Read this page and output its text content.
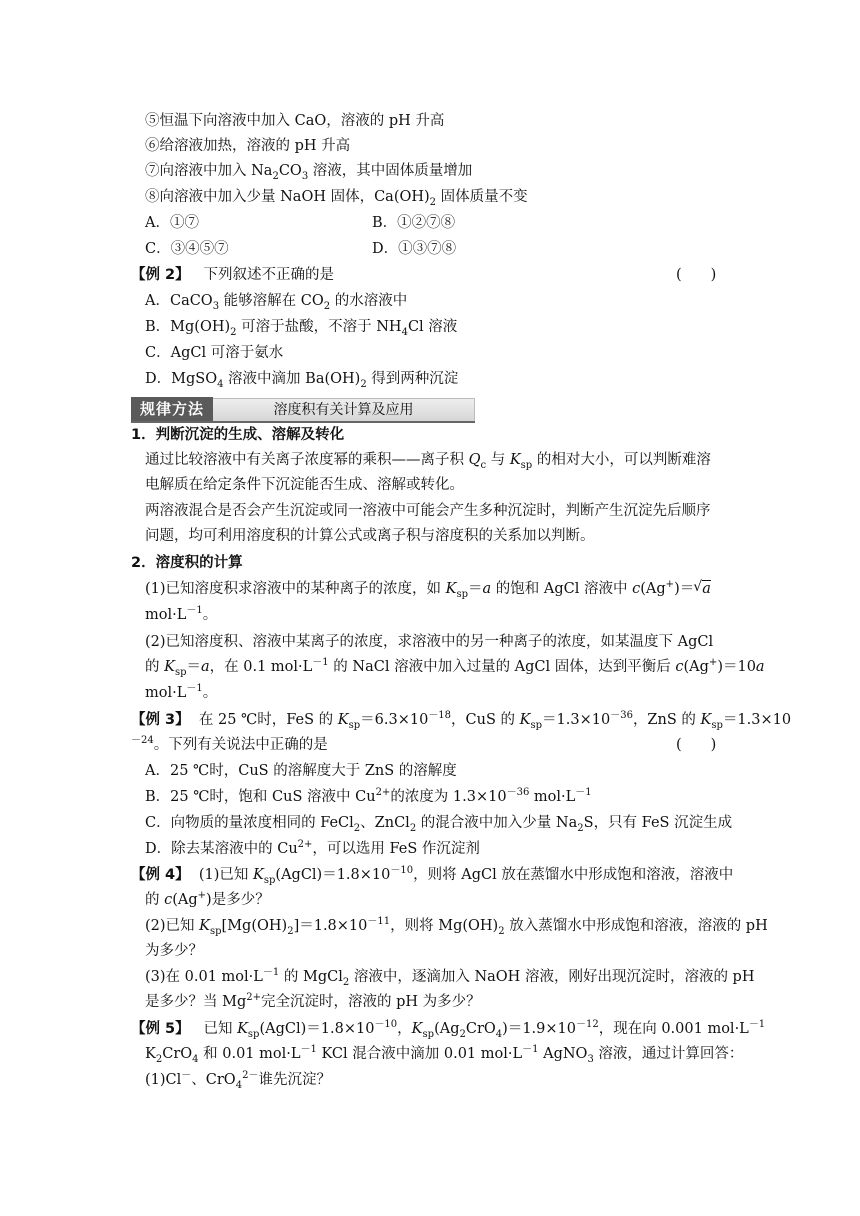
⑤恒温下向溶液中加入 CaO，溶液的 pH 升高
⑥给溶液加热，溶液的 pH 升高
⑦向溶液中加入 $Na_2CO_3$ 溶液，其中固体质量增加
⑧向溶液中加入少量 NaOH 固体，$Ca(OH)_2$ 固体质量不变
A．①⑦	B．①②⑦⑧
C．③④⑤⑦	D．①③⑦⑧
【例 2】 下列叙述不正确的是	(　　)
A．CaCO$_3$ 能够溶解在 $CO_2$ 的水溶液中
B．$Mg(OH)_2$ 可溶于盐酸，不溶于 $NH_4Cl$ 溶液
C．AgCl 可溶于氨水
D．MgSO$_4$ 溶液中滴加 $Ba(OH)_2$ 得到两种沉淀
规律方法	溶度积有关计算及应用
1．判断沉淀的生成、溶解及转化
通过比较溶液中有关离子浓度幂的乘积——离子积 $Q_c$ 与 $K_{sp}$ 的相对大小，可以判断难溶
电解质在给定条件下沉淀能否生成、溶解或转化。
两溶液混合是否会产生沉淀或同一溶液中可能会产生多种沉淀时，判断产生沉淀先后顺序
问题，均可利用溶度积的计算公式或离子积与溶度积的关系加以判断。
2．溶度积的计算
(1)已知溶度积求溶液中的某种离子的浓度，如 $K_{sp}=a$ 的饱和 AgCl 溶液中 c(Ag+)＝√ a
$mol\cdot L^{-1}$。
(2)已知溶度积、溶液中某离子的浓度，求溶液中的另一种离子的浓度，如某温度下 AgCl
的 $K_{sp}=a$，在 0.1 $mol\cdot L^{-1}$ 的 NaCl 溶液中加入过量的 AgCl 固体，达到平衡后 c(Ag+)＝10a
$mol\cdot L^{-1}$。
【例 3】 在 25 ℃时，FeS 的 $K_{sp}=6.3\times 10^{-18}$，CuS 的 $K_{sp}=1.3\times 10^{-36}$，ZnS 的 $K_{sp}=1.3\times 10$
$^{-24}$。下列有关说法中正确的是	(　　)
A．25 ℃时，CuS 的溶解度大于 ZnS 的溶解度
B．25 ℃时，饱和 CuS 溶液中 $Cu^{2+}$的浓度为 $1.3\times 10^{-36}$ $mol\cdot L^{-1}$
C．向物质的量浓度相同的 FeCl$_2$、ZnCl$_2$ 的混合液中加入少量 $Na_2S$，只有 FeS 沉淀生成
D．除去某溶液中的 $Cu^{2+}$，可以选用 FeS 作沉淀剂
【例 4】 (1)已知 $K_{sp}(AgCl)=1.8\times 10^{-10}$，则将 AgCl 放在蒸馏水中形成饱和溶液，溶液中
的 c(Ag+)是多少？
(2)已知 $K_{sp}[Mg(OH)_2]=1.8\times 10^{-11}$，则将 $Mg(OH)_2$ 放入蒸馏水中形成饱和溶液，溶液的 pH
为多少？
(3)在 0.01 $mol\cdot L^{-1}$ 的 MgCl$_2$ 溶液中，逐滴加入 NaOH 溶液，刚好出现沉淀时，溶液的 pH
是多少？当 $Mg^{2+}$完全沉淀时，溶液的 pH 为多少？
【例 5】 已知 $K_{sp}(AgCl)=1.8\times 10^{-10}$，$K_{sp}(Ag_2CrO_4)=1.9\times 10^{-12}$，现在向 0.001 $mol\cdot L^{-1}$
$K_2CrO_4$ 和 0.01 $mol\cdot L^{-1}$ KCl 混合液中滴加 0.01 $mol\cdot L^{-1}$ AgNO$_3$ 溶液，通过计算回答：
(1)Cl－、CrO$_4^{2-}$谁先沉淀？
